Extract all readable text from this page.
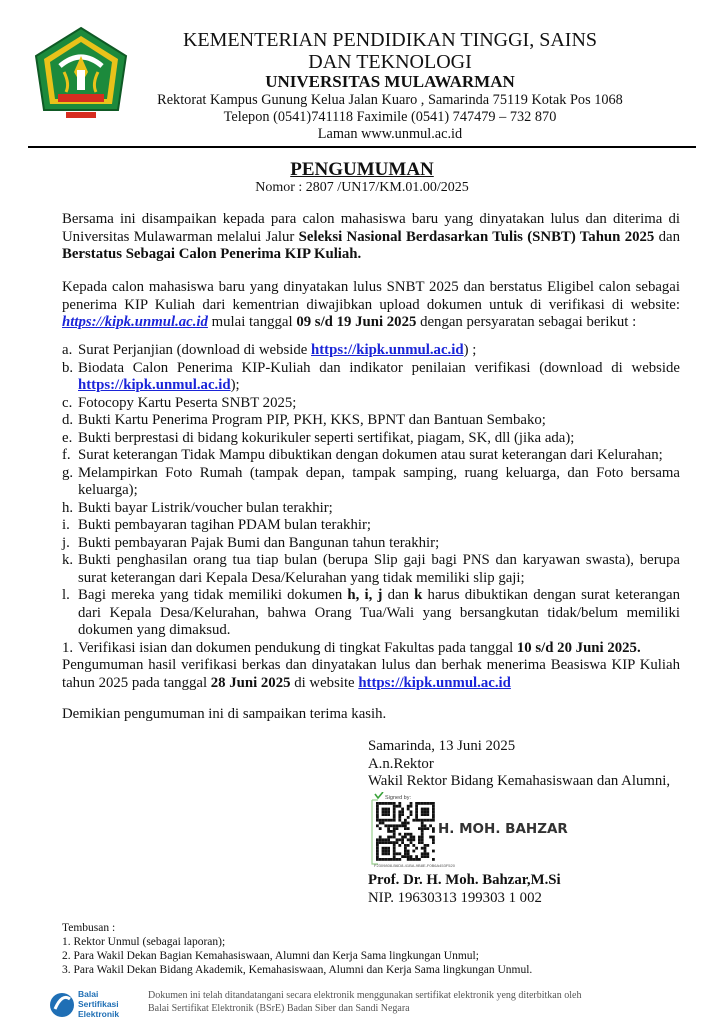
KEMENTERIAN PENDIDIKAN TINGGI, SAINS
DAN TEKNOLOGI
UNIVERSITAS MULAWARMAN
Rektorat Kampus Gunung Kelua Jalan Kuaro , Samarinda 75119 Kotak Pos 1068
Telepon (0541)741118 Faximile (0541) 747479 – 732 870
Laman www.unmul.ac.id
PENGUMUMAN
Nomor : 2807 /UN17/KM.01.00/2025
Bersama ini disampaikan kepada para calon mahasiswa baru yang dinyatakan lulus dan diterima di Universitas Mulawarman melalui Jalur Seleksi Nasional Berdasarkan Tulis (SNBT) Tahun 2025 dan Berstatus Sebagai Calon Penerima KIP Kuliah.
Kepada calon mahasiswa baru yang dinyatakan lulus SNBT 2025 dan berstatus Eligibel calon sebagai penerima KIP Kuliah dari kementrian diwajibkan upload dokumen untuk di verifikasi di website: https://kipk.unmul.ac.id mulai tanggal 09 s/d 19 Juni 2025 dengan persyaratan sebagai berikut :
a. Surat Perjanjian (download di webside https://kipk.unmul.ac.id) ;
b. Biodata Calon Penerima KIP-Kuliah dan indikator penilaian verifikasi (download di webside https://kipk.unmul.ac.id);
c. Fotocopy Kartu Peserta SNBT 2025;
d. Bukti Kartu Penerima Program PIP, PKH, KKS, BPNT dan Bantuan Sembako;
e. Bukti berprestasi di bidang kokurikuler seperti sertifikat, piagam, SK, dll (jika ada);
f. Surat keterangan Tidak Mampu dibuktikan dengan dokumen atau surat keterangan dari Kelurahan;
g. Melampirkan Foto Rumah (tampak depan, tampak samping, ruang keluarga, dan Foto bersama keluarga);
h. Bukti bayar Listrik/voucher bulan terakhir;
i. Bukti pembayaran tagihan PDAM bulan terakhir;
j. Bukti pembayaran Pajak Bumi dan Bangunan tahun terakhir;
k. Bukti penghasilan orang tua tiap bulan (berupa Slip gaji bagi PNS dan karyawan swasta), berupa surat keterangan dari Kepala Desa/Kelurahan yang tidak memiliki slip gaji;
l. Bagi mereka yang tidak memiliki dokumen h, i, j dan k harus dibuktikan dengan surat keterangan dari Kepala Desa/Kelurahan, bahwa Orang Tua/Wali yang bersangkutan tidak/belum memiliki dokumen yang dimaksud.
1. Verifikasi isian dan dokumen pendukung di tingkat Fakultas pada tanggal 10 s/d 20 Juni 2025.
Pengumuman hasil verifikasi berkas dan dinyatakan lulus dan berhak menerima Beasiswa KIP Kuliah tahun 2025 pada tanggal 28 Juni 2025 di website https://kipk.unmul.ac.id
Demikian pengumuman ini di sampaikan terima kasih.
Samarinda, 13 Juni 2025
A.n.Rektor
Wakil Rektor Bidang Kemahasiswaan dan Alumni,
Signed by:
H. MOH. BAHZAR
F2309808-B6D8-41BA-9B8E-F0B6A453F520
Prof. Dr. H. Moh. Bahzar,M.Si
NIP. 19630313 199303 1 002
Tembusan :
1. Rektor Unmul (sebagai laporan);
2. Para Wakil Dekan Bagian Kemahasiswaan, Alumni dan Kerja Sama lingkungan Unmul;
3. Para Wakil Dekan Bidang Akademik, Kemahasiswaan, Alumni dan Kerja Sama lingkungan Unmul.
Balai
Sertifikasi
Elektronik
Dokumen ini telah ditandatangani secara elektronik menggunakan sertifikat elektronik yeng diterbitkan oleh
Balai Sertifikat Elektronik (BSrE) Badan Siber dan Sandi Negara
